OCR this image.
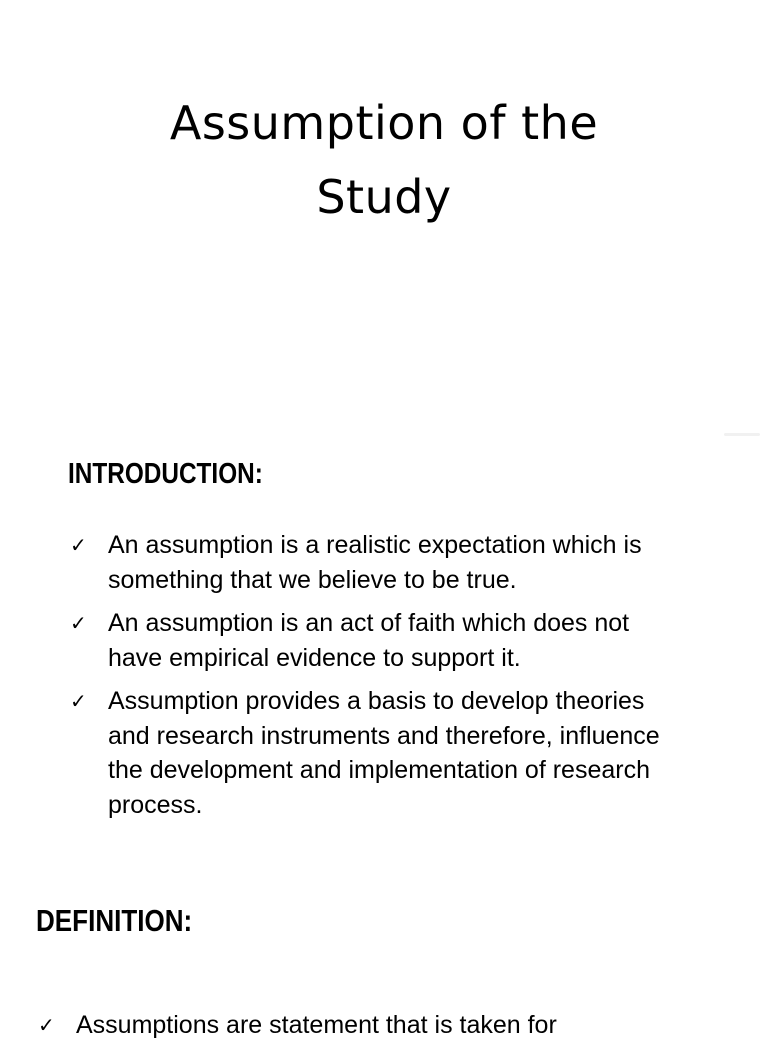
Assumption of the
Study
INTRODUCTION:
✓ An assumption is a realistic expectation which is
something that we believe to be true.
✓ An assumption is an act of faith which does not
have empirical evidence to support it.
✓ Assumption provides a basis to develop theories
and research instruments and therefore, influence
the development and implementation of research
process.
DEFINITION:
✓ Assumptions are statement that is taken for
